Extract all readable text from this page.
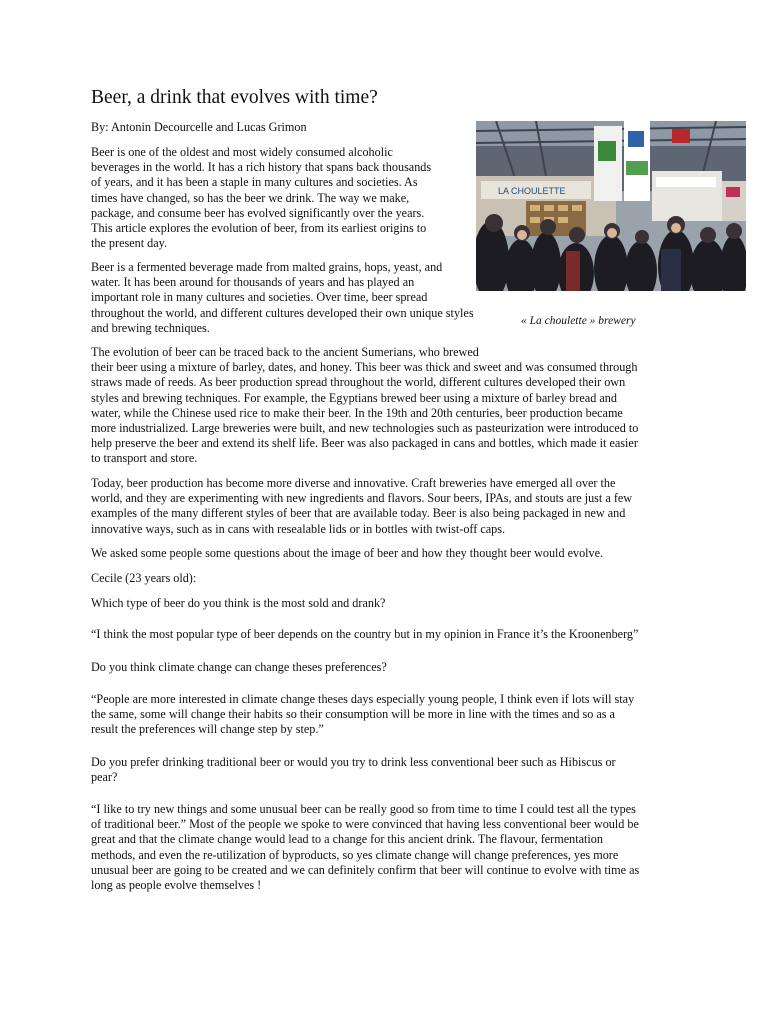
Beer, a drink that evolves with time?

By: Antonin Decourcelle and Lucas Grimon

Beer is one of the oldest and most widely consumed alcoholic
beverages in the world. It has a rich history that spans back thousands
of years, and it has been a staple in many cultures and societies. As
times have changed, so has the beer we drink. The way we make,
package, and consume beer has evolved significantly over the years.
This article explores the evolution of beer, from its earliest origins to
the present day.

Beer is a fermented beverage made from malted grains, hops, yeast, and
water. It has been around for thousands of years and has played an
important role in many cultures and societies. Over time, beer spread
throughout the world, and different cultures developed their own unique styles
and brewing techniques.

LA CHOULETTE

« La choulette » brewery

The evolution of beer can be traced back to the ancient Sumerians, who brewed
their beer using a mixture of barley, dates, and honey. This beer was thick and sweet and was consumed through
straws made of reeds. As beer production spread throughout the world, different cultures developed their own
styles and brewing techniques. For example, the Egyptians brewed beer using a mixture of barley bread and
water, while the Chinese used rice to make their beer. In the 19th and 20th centuries, beer production became
more industrialized. Large breweries were built, and new technologies such as pasteurization were introduced to
help preserve the beer and extend its shelf life. Beer was also packaged in cans and bottles, which made it easier
to transport and store.

Today, beer production has become more diverse and innovative. Craft breweries have emerged all over the
world, and they are experimenting with new ingredients and flavors. Sour beers, IPAs, and stouts are just a few
examples of the many different styles of beer that are available today. Beer is also being packaged in new and
innovative ways, such as in cans with resealable lids or in bottles with twist-off caps.

We asked some people some questions about the image of beer and how they thought beer would evolve.

Cecile (23 years old):

Which type of beer do you think is the most sold and drank?

“I think the most popular type of beer depends on the country but in my opinion in France it’s the Kroonenberg”

Do you think climate change can change theses preferences?

“People are more interested in climate change theses days especially young people, I think even if lots will stay
the same, some will change their habits so their consumption will be more in line with the times and so as a
result the preferences will change step by step.”

Do you prefer drinking traditional beer or would you try to drink less conventional beer such as Hibiscus or
pear?

“I like to try new things and some unusual beer can be really good so from time to time I could test all the types
of traditional beer.” Most of the people we spoke to were convinced that having less conventional beer would be
great and that the climate change would lead to a change for this ancient drink. The flavour, fermentation
methods, and even the re-utilization of byproducts, so yes climate change will change preferences, yes more
unusual beer are going to be created and we can definitely confirm that beer will continue to evolve with time as
long as people evolve themselves !
